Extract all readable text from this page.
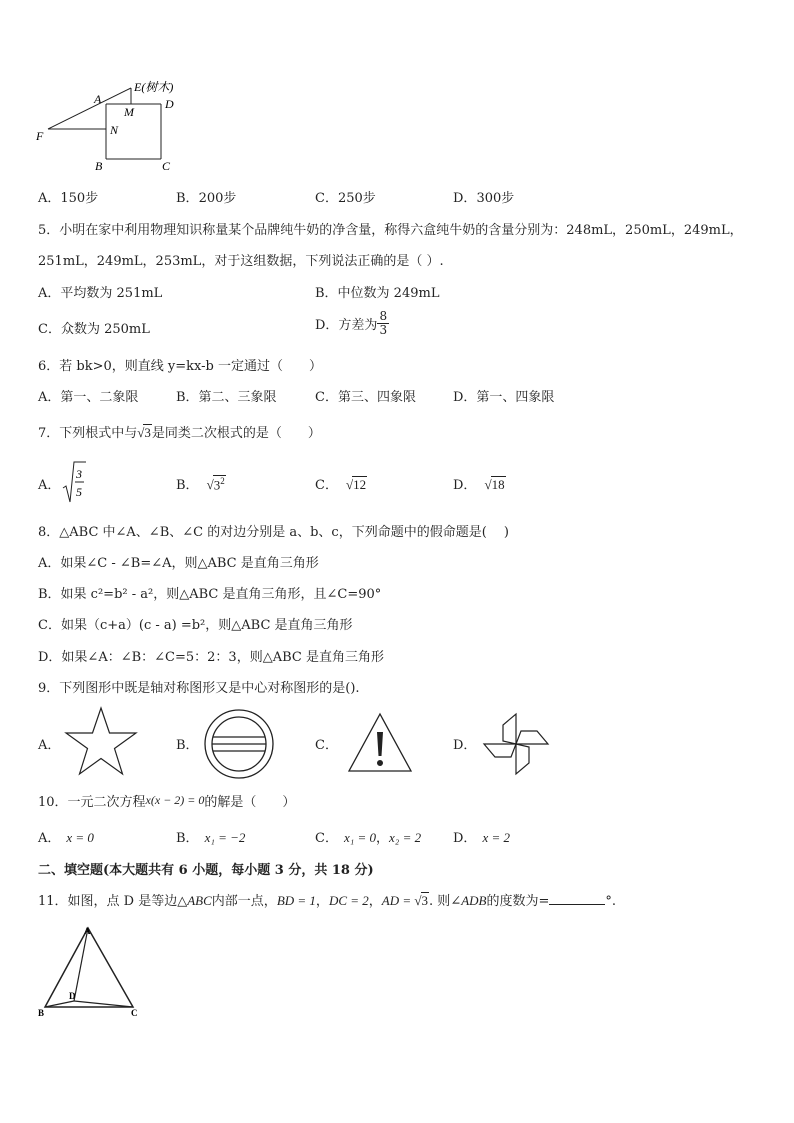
A
E(树木)
D
M
N
F
B	C
A．150步	B．200步	C．250步	D．300步
5．小明在家中利用物理知识称量某个品牌纯牛奶的净含量，称得六盒纯牛奶的含量分别为：248mL，250mL，249mL，
251mL，249mL，253mL，对于这组数据，下列说法正确的是（ ）.
A．平均数为 251mL	B．中位数为 249mL
C．众数为 250mL	D．方差为 $\frac{8}{3}$
6．若 bk>0，则直线 y=kx-b 一定通过（　　）
A．第一、二象限	B．第二、三象限	C．第三、四象限	D．第一、四象限
7．下列根式中与√3是同类二次根式的是（　　）
A．
3
5	B． $√3^2$	C． √12	D． √18
8．△ABC 中∠A、∠B、∠C 的对边分别是 a、b、c，下列命题中的假命题是(　 )
A．如果∠C - ∠B=∠A，则△ABC 是直角三角形
B．如果 c²=b² - a²，则△ABC 是直角三角形，且∠C=90°
C．如果（c+a）(c - a) =b²，则△ABC 是直角三角形
D．如果∠A：∠B：∠C=5：2：3，则△ABC 是直角三角形
9．下列图形中既是轴对称图形又是中心对称图形的是().
A．	B．	C．	D．
10．一元二次方程x(x − 2) = 0的解是（　　）
A． x = 0	B． x₁ = −2	C． x₁ = 0，x₂ = 2 D． x = 2
二、填空题(本大题共有 6 小题，每小题 3 分，共 18 分)
11．如图，点 D 是等边△ABC内部一点，BD = 1，DC = 2，AD = √3. 则∠ADB的度数为=	°.
A
B	C
D
